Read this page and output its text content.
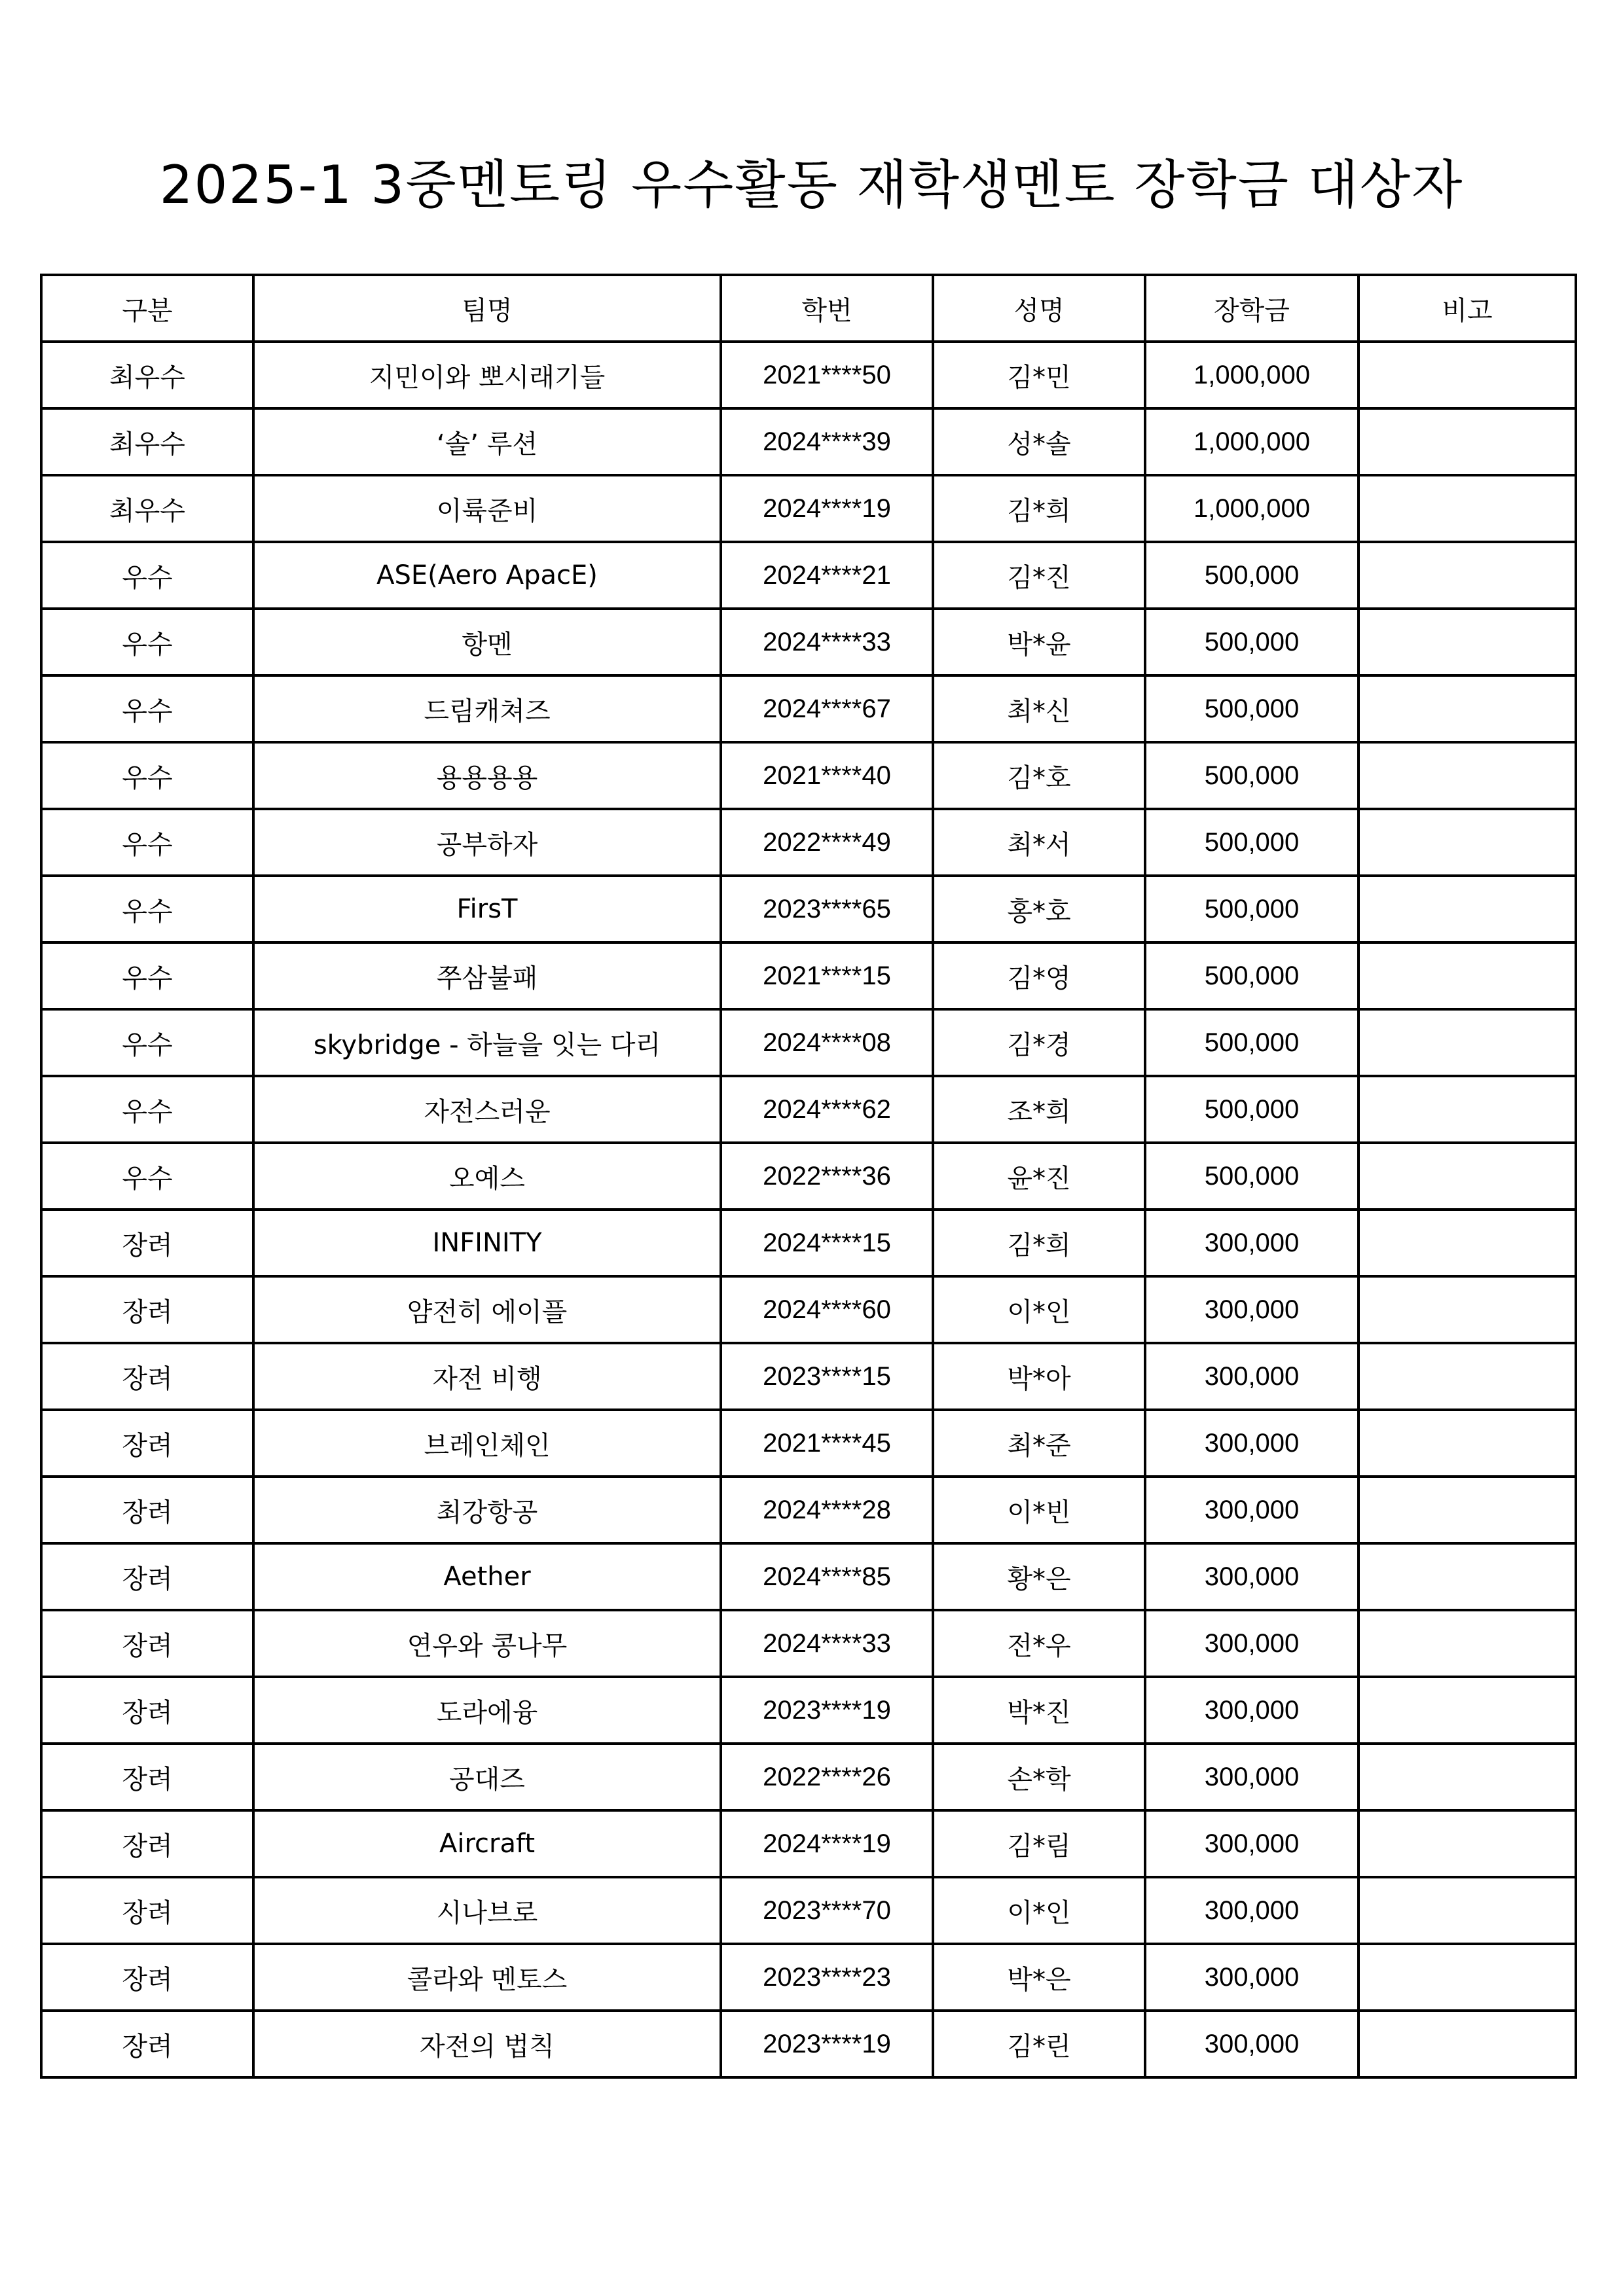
2025-1 3중멘토링 우수활동 재학생멘토 장학금 대상자
구분	팀명	학번	성명	장학금	비고
최우수	지민이와 뽀시래기들	2021****50	김*민	1,000,000	
최우수	‘솔’ 루션	2024****39	성*솔	1,000,000	
최우수	이륙준비	2024****19	김*희	1,000,000	
우수	ASE(Aero ApacE)	2024****21	김*진	500,000	
우수	항멘	2024****33	박*윤	500,000	
우수	드림캐쳐즈	2024****67	최*신	500,000	
우수	용용용용	2021****40	김*호	500,000	
우수	공부하자	2022****49	최*서	500,000	
우수	FirsT	2023****65	홍*호	500,000	
우수	쭈삼불패	2021****15	김*영	500,000	
우수	skybridge - 하늘을 잇는 다리	2024****08	김*경	500,000	
우수	자전스러운	2024****62	조*희	500,000	
우수	오예스	2022****36	윤*진	500,000	
장려	INFINITY	2024****15	김*희	300,000	
장려	얌전히 에이플	2024****60	이*인	300,000	
장려	자전 비행	2023****15	박*아	300,000	
장려	브레인체인	2021****45	최*준	300,000	
장려	최강항공	2024****28	이*빈	300,000	
장려	Aether	2024****85	황*은	300,000	
장려	연우와 콩나무	2024****33	전*우	300,000	
장려	도라에융	2023****19	박*진	300,000	
장려	공대즈	2022****26	손*학	300,000	
장려	Aircraft	2024****19	김*림	300,000	
장려	시나브로	2023****70	이*인	300,000	
장려	콜라와 멘토스	2023****23	박*은	300,000	
장려	자전의 법칙	2023****19	김*린	300,000	
